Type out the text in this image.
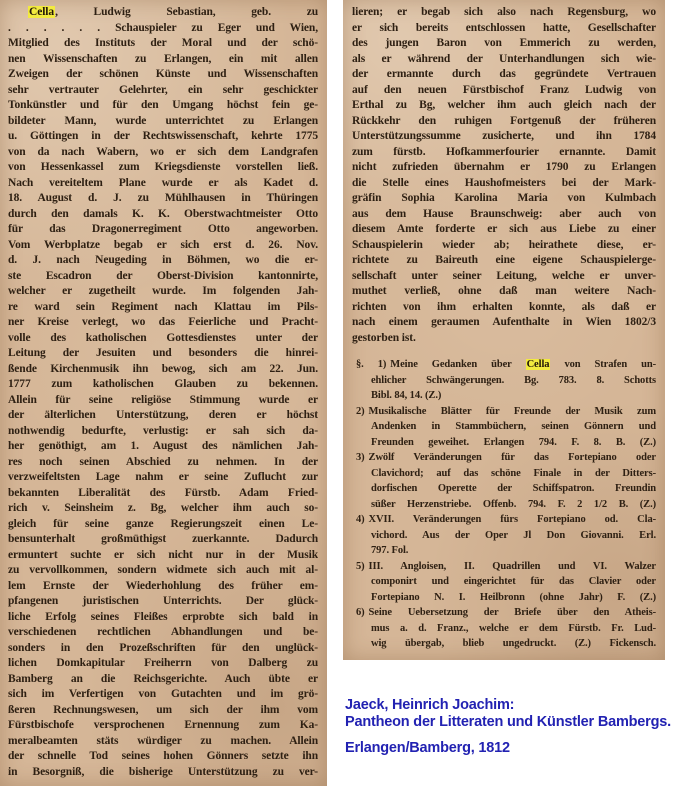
Cella, Ludwig Sebastian, geb. zu
. . . . . . Schauspieler zu Eger und Wien,
Mitglied des Instituts der Moral und der schö-
nen Wissenschaften zu Erlangen, ein mit allen
Zweigen der schönen Künste und Wissenschaften
sehr vertrauter Gelehrter, ein sehr geschickter
Tonkünstler und für den Umgang höchst fein ge-
bildeter Mann, wurde unterrichtet zu Erlangen
u. Göttingen in der Rechtswissenschaft, kehrte 1775
von da nach Wabern, wo er sich dem Landgrafen
von Hessenkassel zum Kriegsdienste vorstellen ließ.
Nach vereiteltem Plane wurde er als Kadet d.
18. August d. J. zu Mühlhausen in Thüringen
durch den damals K. K. Oberstwachtmeister Otto
für das Dragonerregiment Otto angeworben.
Vom Werbplatze begab er sich erst d. 26. Nov.
d. J. nach Neugeding in Böhmen, wo die er-
ste Escadron der Oberst-Division kantonnirte,
welcher er zugetheilt wurde. Im folgenden Jah-
re ward sein Regiment nach Klattau im Pils-
ner Kreise verlegt, wo das Feierliche und Pracht-
volle des katholischen Gottesdienstes unter der
Leitung der Jesuiten und besonders die hinrei-
ßende Kirchenmusik ihn bewog, sich am 22. Jun.
1777 zum katholischen Glauben zu bekennen.
Allein für seine religiöse Stimmung wurde er
der älterlichen Unterstützung, deren er höchst
nothwendig bedurfte, verlustig: er sah sich da-
her genöthigt, am 1. August des nämlichen Jah-
res noch seinen Abschied zu nehmen. In der
verzweifeltsten Lage nahm er seine Zuflucht zur
bekannten Liberalität des Fürstb. Adam Fried-
rich v. Seinsheim z. Bg, welcher ihm auch so-
gleich für seine ganze Regierungszeit einen Le-
bensunterhalt großmüthigst zuerkannte. Dadurch
ermuntert suchte er sich nicht nur in der Musik
zu vervollkommen, sondern widmete sich auch mit al-
lem Ernste der Wiederhohlung des früher em-
pfangenen juristischen Unterrichts. Der glück-
liche Erfolg seines Fleißes erprobte sich bald in
verschiedenen rechtlichen Abhandlungen und be-
sonders in den Prozeßschriften für den unglück-
lichen Domkapitular Freiherrn von Dalberg zu
Bamberg an die Reichsgerichte. Auch übte er
sich im Verfertigen von Gutachten und im grö-
ßeren Rechnungswesen, um sich der ihm vom
Fürstbischofe versprochenen Ernennung zum Ka-
meralbeamten stäts würdiger zu machen. Allein
der schnelle Tod seines hohen Gönners setzte ihn
in Besorgniß, die bisherige Unterstützung zu ver-
lieren; er begab sich also nach Regensburg, wo
er sich bereits entschlossen hatte, Gesellschafter
des jungen Baron von Emmerich zu werden,
als er während der Unterhandlungen sich wie-
der ermannte durch das gegründete Vertrauen
auf den neuen Fürstbischof Franz Ludwig von
Erthal zu Bg, welcher ihm auch gleich nach der
Rückkehr den ruhigen Fortgenuß der früheren
Unterstützungssumme zusicherte, und ihn 1784
zum fürstb. Hofkammerfourier ernannte. Damit
nicht zufrieden übernahm er 1790 zu Erlangen
die Stelle eines Haushofmeisters bei der Mark-
gräfin Sophia Karolina Maria von Kulmbach
aus dem Hause Braunschweig: aber auch von
diesem Amte forderte er sich aus Liebe zu einer
Schauspielerin wieder ab; heirathete diese, er-
richtete zu Baireuth eine eigene Schauspielerge-
sellschaft unter seiner Leitung, welche er unver-
muthet verließ, ohne daß man weitere Nach-
richten von ihm erhalten konnte, als daß er
nach einem geraumen Aufenthalte in Wien 1802/3
gestorben ist.
§. 1) Meine Gedanken über Cella von Strafen un-
ehlicher Schwängerungen. Bg. 783. 8. Schotts
Bibl. 84, 14. (Z.)
2) Musikalische Blätter für Freunde der Musik zum
Andenken in Stammbüchern, seinen Gönnern und
Freunden geweihet. Erlangen 794. F. 8. B. (Z.)
3) Zwölf Veränderungen für das Fortepiano oder
Clavichord; auf das schöne Finale in der Ditters-
dorfischen Operette der Schiffspatron. Freundin
süßer Herzenstriebe. Offenb. 794. F. 2 1/2 B. (Z.)
4) XVII. Veränderungen fürs Fortepiano od. Cla-
vichord. Aus der Oper Jl Don Giovanni. Erl.
797. Fol.
5) III. Angloisen, II. Quadrillen und VI. Walzer
componirt und eingerichtet für das Clavier oder
Fortepiano N. I. Heilbronn (ohne Jahr) F. (Z.)
6) Seine Uebersetzung der Briefe über den Atheis-
mus a. d. Franz., welche er dem Fürstb. Fr. Lud-
wig übergab, blieb ungedruckt. (Z.) Fickensch.
Jaeck, Heinrich Joachim:
Pantheon der Litteraten und Künstler Bambergs.
Erlangen/Bamberg, 1812
